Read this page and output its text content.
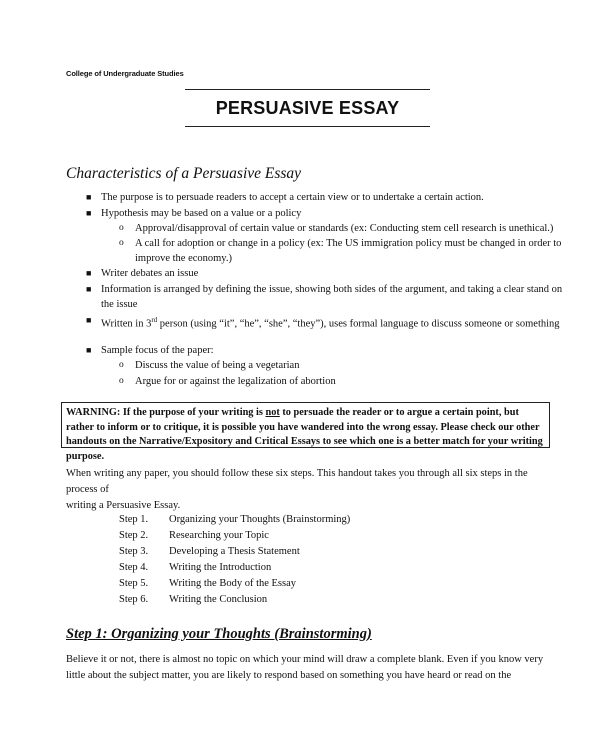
College of Undergraduate Studies
PERSUASIVE ESSAY
Characteristics of a Persuasive Essay
■ The purpose is to persuade readers to accept a certain view or to undertake a certain action.
■ Hypothesis may be based on a value or a policy
o Approval/disapproval of certain value or standards (ex: Conducting stem cell research is unethical.)
o A call for adoption or change in a policy (ex: The US immigration policy must be changed in order to
improve the economy.)
■ Writer debates an issue
■ Information is arranged by defining the issue, showing both sides of the argument, and taking a clear stand on
the issue
■ Written in 3rd person (using “it”, “he”, “she”, “they”), uses formal language to discuss someone or something
■ Sample focus of the paper:
o Discuss the value of being a vegetarian
o Argue for or against the legalization of abortion
WARNING: If the purpose of your writing is not to persuade the reader or to argue a certain point, but rather to inform or to critique, it is possible you have wandered into the wrong essay. Please check our other handouts on the Narrative/Expository and Critical Essays to see which one is a better match for your writing purpose.
When writing any paper, you should follow these six steps. This handout takes you through all six steps in the process of
writing a Persuasive Essay.
Step 1. Organizing your Thoughts (Brainstorming)
Step 2. Researching your Topic
Step 3. Developing a Thesis Statement
Step 4. Writing the Introduction
Step 5. Writing the Body of the Essay
Step 6. Writing the Conclusion
Step 1: Organizing your Thoughts (Brainstorming)
Believe it or not, there is almost no topic on which your mind will draw a complete blank. Even if you know very
little about the subject matter, you are likely to respond based on something you have heard or read on the
